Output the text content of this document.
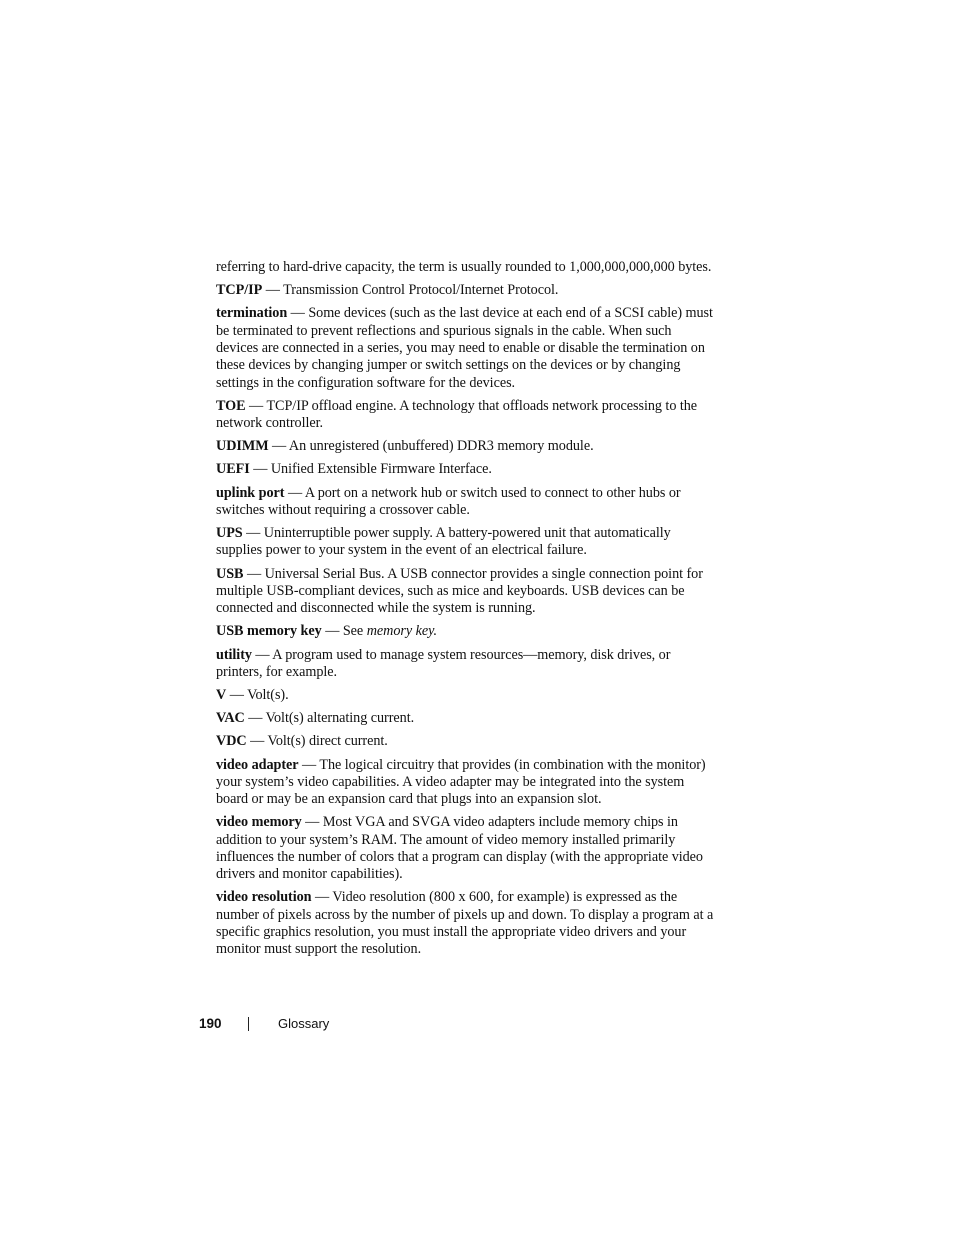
referring to hard-drive capacity, the term is usually rounded to 1,000,000,000,000 bytes.

TCP/IP — Transmission Control Protocol/Internet Protocol.

termination — Some devices (such as the last device at each end of a SCSI cable) must be terminated to prevent reflections and spurious signals in the cable. When such devices are connected in a series, you may need to enable or disable the termination on these devices by changing jumper or switch settings on the devices or by changing settings in the configuration software for the devices.

TOE — TCP/IP offload engine. A technology that offloads network processing to the network controller.

UDIMM — An unregistered (unbuffered) DDR3 memory module.

UEFI — Unified Extensible Firmware Interface.

uplink port — A port on a network hub or switch used to connect to other hubs or switches without requiring a crossover cable.

UPS — Uninterruptible power supply. A battery-powered unit that automatically supplies power to your system in the event of an electrical failure.

USB — Universal Serial Bus. A USB connector provides a single connection point for multiple USB-compliant devices, such as mice and keyboards. USB devices can be connected and disconnected while the system is running.

USB memory key — See memory key.

utility — A program used to manage system resources—memory, disk drives, or printers, for example.

V — Volt(s).

VAC — Volt(s) alternating current.

VDC — Volt(s) direct current.

video adapter — The logical circuitry that provides (in combination with the monitor) your system’s video capabilities. A video adapter may be integrated into the system board or may be an expansion card that plugs into an expansion slot.

video memory — Most VGA and SVGA video adapters include memory chips in addition to your system’s RAM. The amount of video memory installed primarily influences the number of colors that a program can display (with the appropriate video drivers and monitor capabilities).

video resolution — Video resolution (800 x 600, for example) is expressed as the number of pixels across by the number of pixels up and down. To display a program at a specific graphics resolution, you must install the appropriate video drivers and your monitor must support the resolution.

190	Glossary
